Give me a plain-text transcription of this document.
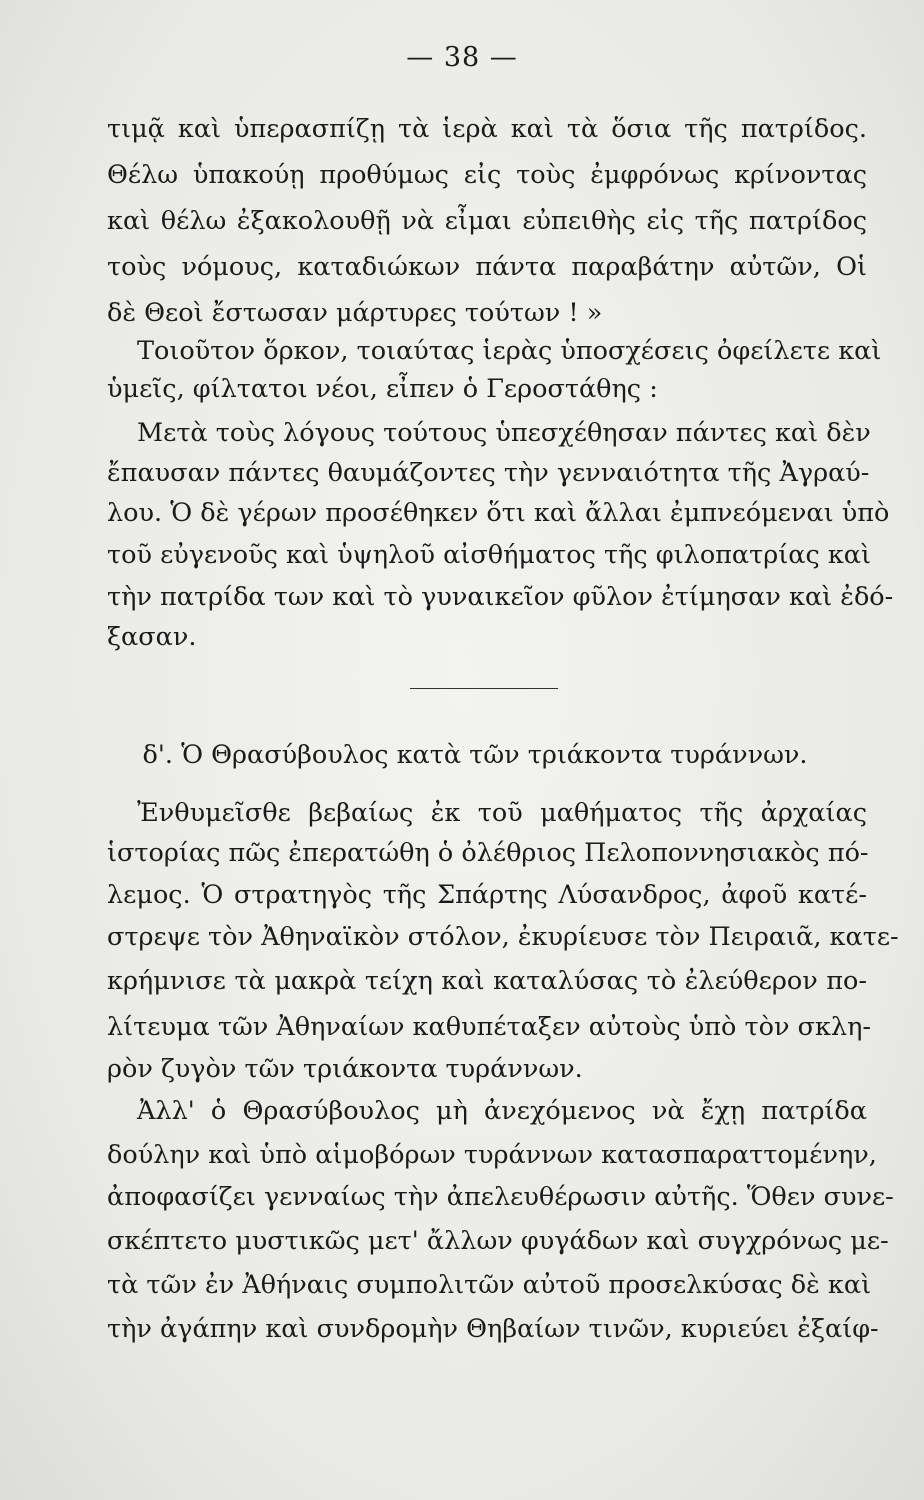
— 38 —
τιμᾷ καὶ ὑπερασπίζῃ τὰ ἱερὰ καὶ τὰ ὅσια τῆς πατρίδος.
Θέλω ὑπακούῃ προθύμως εἰς τοὺς ἐμφρόνως κρίνοντας
καὶ θέλω ἐξακολουθῇ νὰ εἶμαι εὐπειθὴς εἰς τῆς πατρίδος
τοὺς νόμους, καταδιώκων πάντα παραβάτην αὐτῶν, Οἱ
δὲ Θεοὶ ἔστωσαν μάρτυρες τούτων ! »
Τοιοῦτον ὅρκον, τοιαύτας ἱερὰς ὑποσχέσεις ὀφείλετε καὶ
ὑμεῖς, φίλτατοι νέοι, εἶπεν ὁ Γεροστάθης :
Μετὰ τοὺς λόγους τούτους ὑπεσχέθησαν πάντες καὶ δὲν
ἔπαυσαν πάντες θαυμάζοντες τὴν γενναιότητα τῆς Ἀγραύ-
λου. Ὁ δὲ γέρων προσέθηκεν ὅτι καὶ ἄλλαι ἐμπνεόμεναι ὑπὸ
τοῦ εὐγενοῦς καὶ ὑψηλοῦ αἰσθήματος τῆς φιλοπατρίας καὶ
τὴν πατρίδα των καὶ τὸ γυναικεῖον φῦλον ἐτίμησαν καὶ ἐδό-
ξασαν.
δ'. Ὁ Θρασύβουλος κατὰ τῶν τριάκοντα τυράννων.
Ἐνθυμεῖσθε βεβαίως ἐκ τοῦ μαθήματος τῆς ἀρχαίας
ἱστορίας πῶς ἐπερατώθη ὁ ὀλέθριος Πελοποννησιακὸς πό-
λεμος. Ὁ στρατηγὸς τῆς Σπάρτης Λύσανδρος, ἀφοῦ κατέ-
στρεψε τὸν Ἀθηναϊκὸν στόλον, ἐκυρίευσε τὸν Πειραιᾶ, κατε-
κρήμνισε τὰ μακρὰ τείχη καὶ καταλύσας τὸ ἐλεύθερον πο-
λίτευμα τῶν Ἀθηναίων καθυπέταξεν αὐτοὺς ὑπὸ τὸν σκλη-
ρὸν ζυγὸν τῶν τριάκοντα τυράννων.
Ἀλλ' ὁ Θρασύβουλος μὴ ἀνεχόμενος νὰ ἔχῃ πατρίδα
δούλην καὶ ὑπὸ αἱμοβόρων τυράννων κατασπαραττομένην,
ἀποφασίζει γενναίως τὴν ἀπελευθέρωσιν αὐτῆς. Ὅθεν συνε-
σκέπτετο μυστικῶς μετ' ἄλλων φυγάδων καὶ συγχρόνως με-
τὰ τῶν ἐν Ἀθήναις συμπολιτῶν αὐτοῦ προσελκύσας δὲ καὶ
τὴν ἀγάπην καὶ συνδρομὴν Θηβαίων τινῶν, κυριεύει ἐξαίφ-
